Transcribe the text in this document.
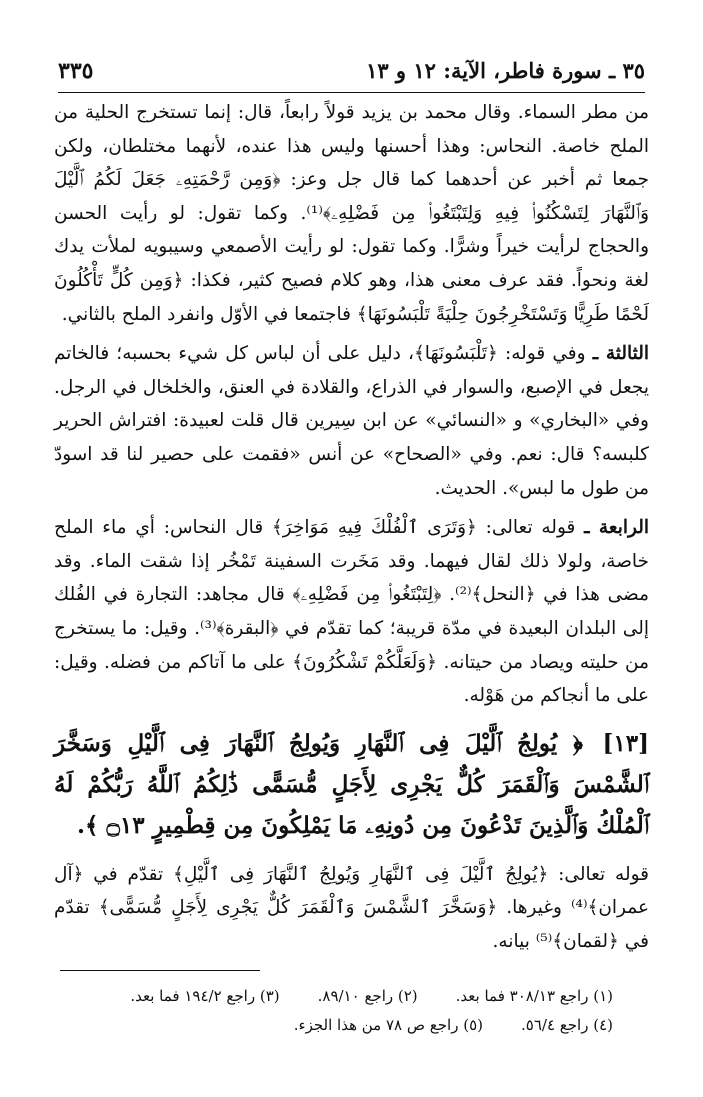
٣٥ ـ سورة فاطر، الآية: ١٢ و ١٣
٣٣٥

من مطر السماء. وقال محمد بن يزيد قولاً رابعاً، قال: إنما تستخرج الحلية من الملح خاصة. النحاس: وهذا أحسنها وليس هذا عنده، لأنهما مختلطان، ولكن جمعا ثم أخبر عن أحدهما كما قال جل وعز: ﴿وَمِن رَّحْمَتِهِۦ جَعَلَ لَكُمُ ٱلَّيْلَ وَٱلنَّهَارَ لِتَسْكُنُوا۟ فِيهِ وَلِتَبْتَغُوا۟ مِن فَضْلِهِۦ﴾⁽¹⁾. وكما تقول: لو رأيت الحسن والحجاج لرأيت خيراً وشرًّا. وكما تقول: لو رأيت الأصمعي وسيبويه لملأت يدك لغة ونحواً. فقد عرف معنى هذا، وهو كلام فصيح كثير، فكذا: ﴿وَمِن كُلٍّ تَأْكُلُونَ لَحْمًا طَرِيًّا وَتَسْتَخْرِجُونَ حِلْيَةً تَلْبَسُونَهَا﴾ فاجتمعا في الأوّل وانفرد الملح بالثاني.

الثالثة ـ وفي قوله: ﴿تَلْبَسُونَهَا﴾، دليل على أن لباس كل شيء بحسبه؛ فالخاتم يجعل في الإصبع، والسوار في الذراع، والقلادة في العنق، والخلخال في الرجل. وفي «البخاري» و «النسائي» عن ابن سِيرين قال قلت لعبيدة: افتراش الحرير كلبسه؟ قال: نعم. وفي «الصحاح» عن أنس «فقمت على حصير لنا قد اسودّ من طول ما لبس». الحديث.

الرابعة ـ قوله تعالى: ﴿وَتَرَى ٱلْفُلْكَ فِيهِ مَوَاخِرَ﴾ قال النحاس: أي ماء الملح خاصة، ولولا ذلك لقال فيهما. وقد مَخَرت السفينة تَمْخُر إذا شقت الماء. وقد مضى هذا في ﴿النحل﴾⁽²⁾. ﴿لِتَبْتَغُوا۟ مِن فَضْلِهِۦ﴾ قال مجاهد: التجارة في الفُلك إلى البلدان البعيدة في مدّة قريبة؛ كما تقدّم في ﴿البقرة﴾⁽³⁾. وقيل: ما يستخرج من حليته ويصاد من حيتانه. ﴿وَلَعَلَّكُمْ تَشْكُرُونَ﴾ على ما آتاكم من فضله. وقيل: على ما أنجاكم من هَوْله.

[١٣] ﴿ يُولِجُ ٱلَّيْلَ فِى ٱلنَّهَارِ وَيُولِجُ ٱلنَّهَارَ فِى ٱلَّيْلِ وَسَخَّرَ ٱلشَّمْسَ وَٱلْقَمَرَ كُلٌّ يَجْرِى لِأَجَلٍ مُّسَمًّى ذَٰلِكُمُ ٱللَّهُ رَبُّكُمْ لَهُ ٱلْمُلْكُ وَٱلَّذِينَ تَدْعُونَ مِن دُونِهِۦ مَا يَمْلِكُونَ مِن قِطْمِيرٍ ۝١٣ ﴾.

قوله تعالى: ﴿يُولِجُ ٱلَّيْلَ فِى ٱلنَّهَارِ وَيُولِجُ ٱلنَّهَارَ فِى ٱلَّيْلِ﴾ تقدّم في ﴿آل عمران﴾⁽⁴⁾ وغيرها. ﴿وَسَخَّرَ ٱلشَّمْسَ وَٱلْقَمَرَ كُلٌّ يَجْرِى لِأَجَلٍ مُّسَمًّى﴾ تقدّم في ﴿لقمان﴾⁽⁵⁾ بيانه.

(١) راجع ٣٠٨/١٣ فما بعد.
(٢) راجع ٨٩/١٠.
(٣) راجع ١٩٤/٢ فما بعد.
(٤) راجع ٥٦/٤.
(٥) راجع ص ٧٨ من هذا الجزء.
